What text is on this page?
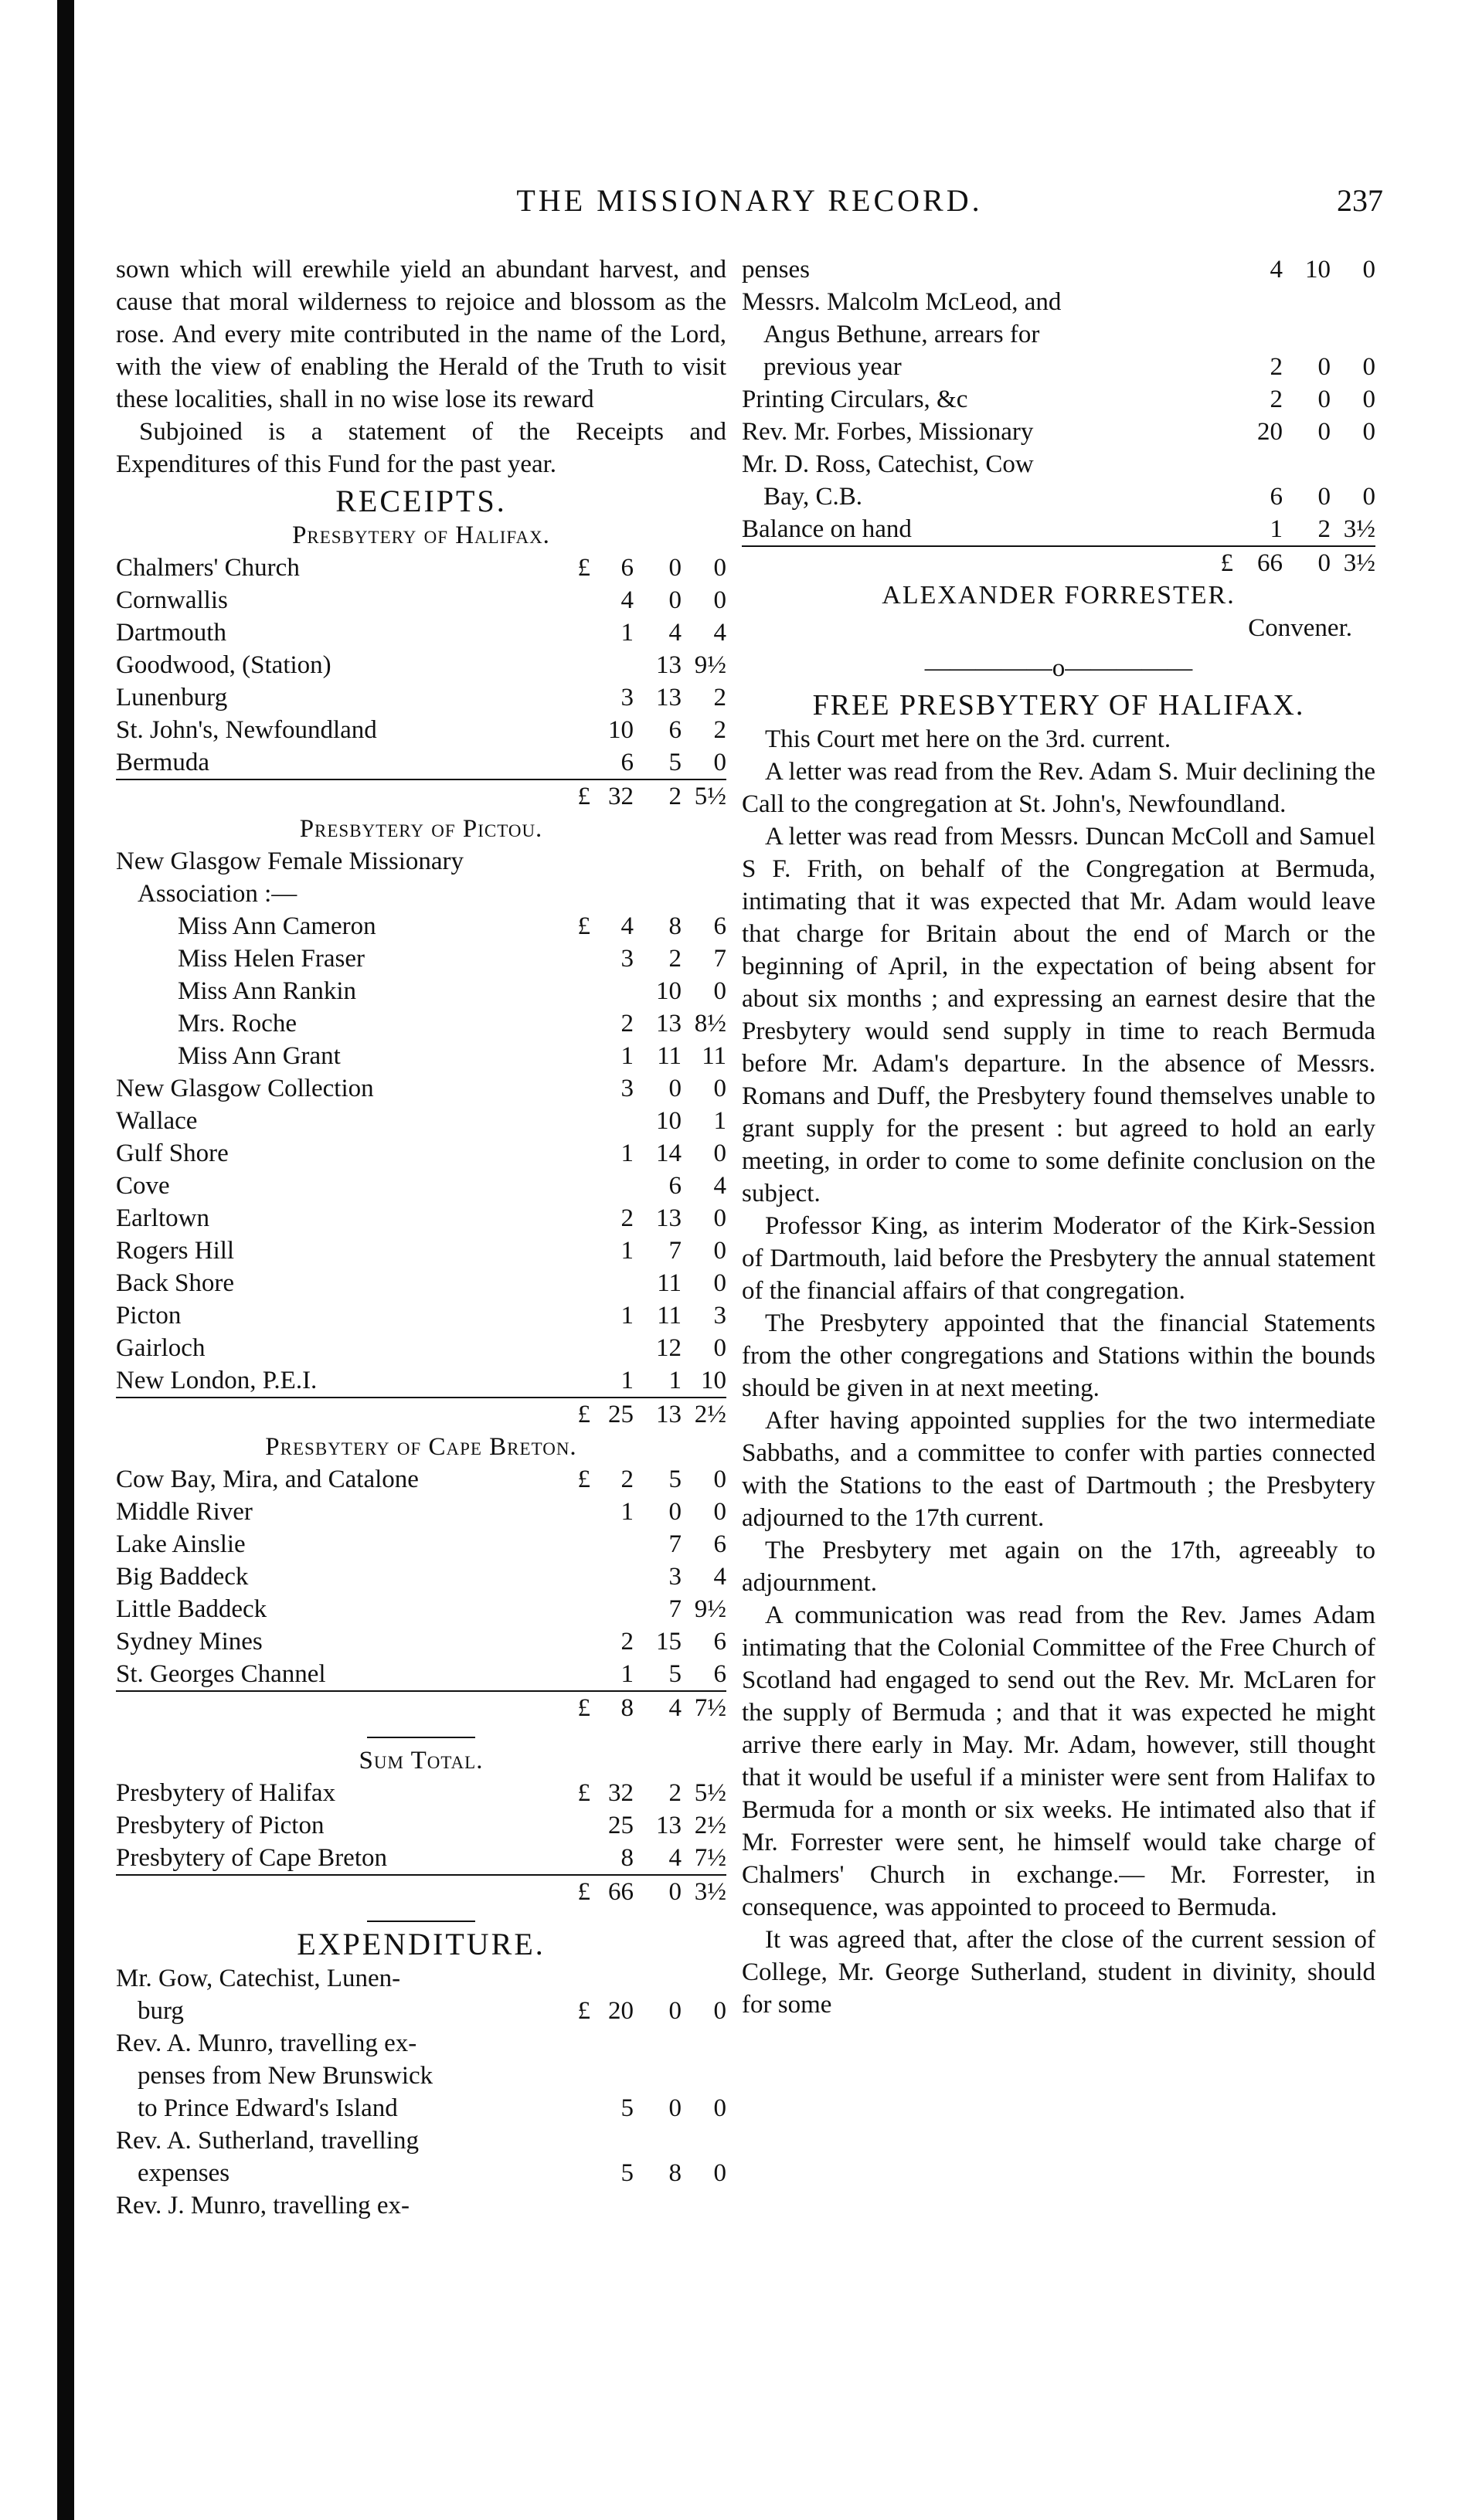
THE MISSIONARY RECORD.	237

sown which will erewhile yield an abundant harvest, and cause that moral wilderness to rejoice and blossom as the rose. And every mite contributed in the name of the Lord, with the view of enabling the Herald of the Truth to visit these localities, shall in no wise lose its reward

Subjoined is a statement of the Receipts and Expenditures of this Fund for the past year.

RECEIPTS.
Presbytery of Halifax.
Chalmers' Church	£	6	0	0
Cornwallis		4	0	0
Dartmouth		1	4	4
Goodwood, (Station)			13	9½
Lunenburg		3	13	2
St. John's, Newfoundland		10	6	2
Bermuda		6	5	0
	£	32	2	5½
Presbytery of Pictou.
New Glasgow Female Missionary				
Association :—				
Miss Ann Cameron	£	4	8	6
Miss Helen Fraser		3	2	7
Miss Ann Rankin			10	0
Mrs. Roche		2	13	8½
Miss Ann Grant		1	11	11
New Glasgow Collection		3	0	0
Wallace			10	1
Gulf Shore		1	14	0
Cove			6	4
Earltown		2	13	0
Rogers Hill		1	7	0
Back Shore			11	0
Picton		1	11	3
Gairloch			12	0
New London, P.E.I.		1	1	10
	£	25	13	2½
Presbytery of Cape Breton.
Cow Bay, Mira, and Catalone	£	2	5	0
Middle River		1	0	0
Lake Ainslie			7	6
Big Baddeck			3	4
Little Baddeck			7	9½
Sydney Mines		2	15	6
St. Georges Channel		1	5	6
	£	8	4	7½
Sum Total.
Presbytery of Halifax	£	32	2	5½
Presbytery of Picton		25	13	2½
Presbytery of Cape Breton		8	4	7½
	£	66	0	3½
EXPENDITURE.
Mr. Gow, Catechist, Lunen-				
burg	£	20	0	0
Rev. A. Munro, travelling ex-				
penses from New Brunswick				
to Prince Edward's Island		5	0	0
Rev. A. Sutherland, travelling				
expenses		5	8	0
Rev. J. Munro, travelling ex-				
penses		4	10	0
Messrs. Malcolm McLeod, and				
Angus Bethune, arrears for				
previous year		2	0	0
Printing Circulars, &c		2	0	0
Rev. Mr. Forbes, Missionary		20	0	0
Mr. D. Ross, Catechist, Cow				
Bay, C.B.		6	0	0
Balance on hand		1	2	3½
	£	66	0	3½
ALEXANDER FORRESTER.
Convener.
—————o—————
FREE PRESBYTERY OF HALIFAX.

This Court met here on the 3rd. current.

A letter was read from the Rev. Adam S. Muir declining the Call to the congregation at St. John's, Newfoundland.

A letter was read from Messrs. Duncan McColl and Samuel S F. Frith, on behalf of the Congregation at Bermuda, intimating that it was expected that Mr. Adam would leave that charge for Britain about the end of March or the beginning of April, in the expectation of being absent for about six months ; and expressing an earnest desire that the Presbytery would send supply in time to reach Bermuda before Mr. Adam's departure. In the absence of Messrs. Romans and Duff, the Presbytery found themselves unable to grant supply for the present : but agreed to hold an early meeting, in order to come to some definite conclusion on the subject.

Professor King, as interim Moderator of the Kirk-Session of Dartmouth, laid before the Presbytery the annual statement of the financial affairs of that congregation.

The Presbytery appointed that the financial Statements from the other congregations and Stations within the bounds should be given in at next meeting.

After having appointed supplies for the two intermediate Sabbaths, and a committee to confer with parties connected with the Stations to the east of Dartmouth ; the Presbytery adjourned to the 17th current.

The Presbytery met again on the 17th, agreeably to adjournment.

A communication was read from the Rev. James Adam intimating that the Colonial Committee of the Free Church of Scotland had engaged to send out the Rev. Mr. McLaren for the supply of Bermuda ; and that it was expected he might arrive there early in May. Mr. Adam, however, still thought that it would be useful if a minister were sent from Halifax to Bermuda for a month or six weeks. He intimated also that if Mr. Forrester were sent, he himself would take charge of Chalmers' Church in exchange.— Mr. Forrester, in consequence, was appointed to proceed to Bermuda.

It was agreed that, after the close of the current session of College, Mr. George Sutherland, student in divinity, should for some
